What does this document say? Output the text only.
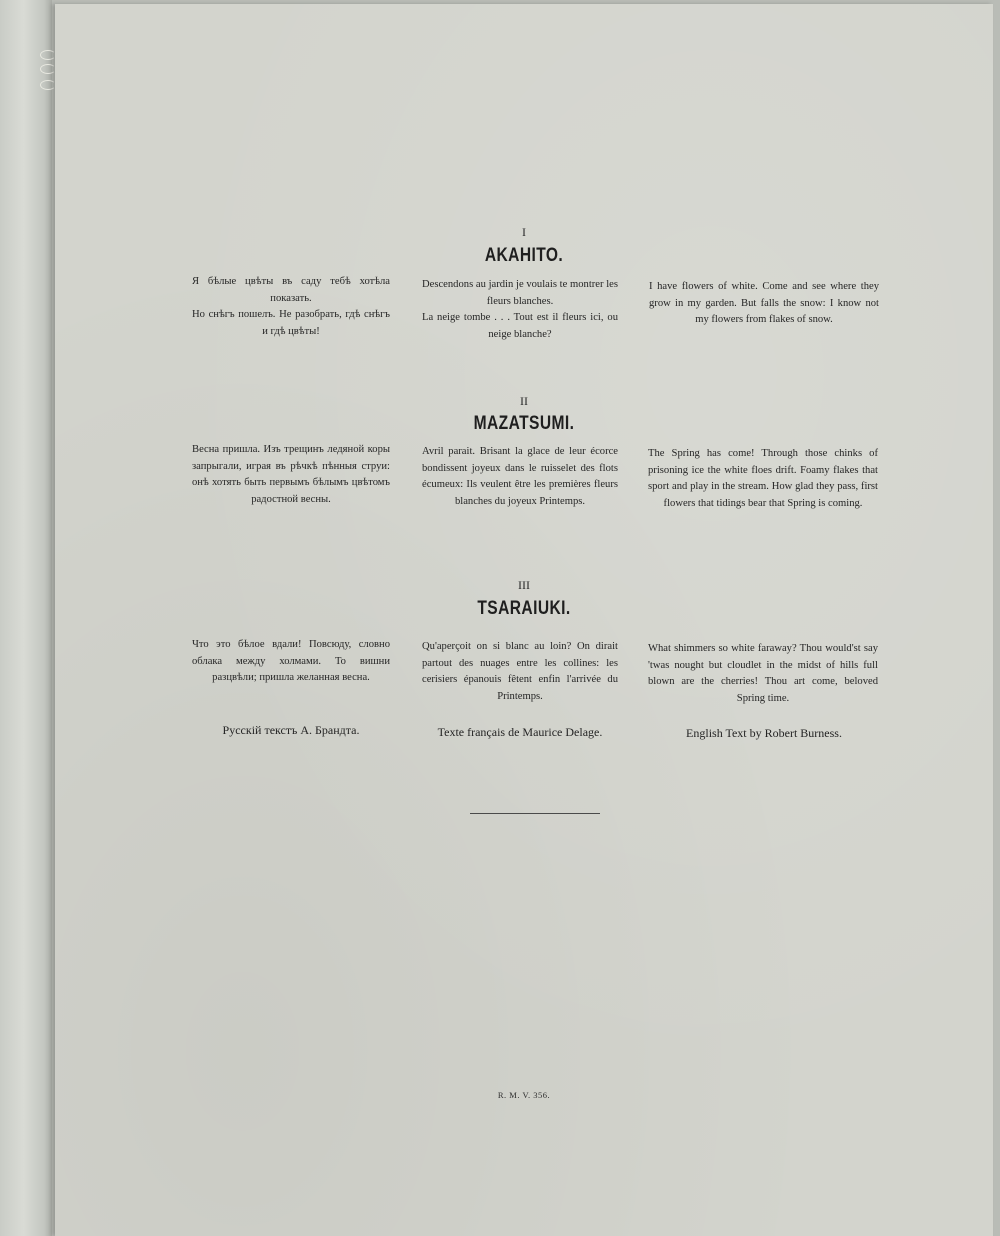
I
AKAHITO.

Я бѣлые цвѣты въ саду тебѣ хотѣла показать.

Но снѣгъ пошелъ. Не разобрать, гдѣ снѣгъ и гдѣ цвѣты!

Descendons au jardin je voulais te montrer les fleurs blanches.

La neige tombe . . . Tout est il fleurs ici, ou neige blanche?

I have flowers of white. Come and see where they grow in my garden. But falls the snow: I know not my flowers from flakes of snow.

II
MAZATSUMI.

Весна пришла. Изъ трещинъ ледяной коры запрыгали, играя въ рѣчкѣ пѣнныя струи: онѣ хотять быть первымъ бѣлымъ цвѣтомъ радостной весны.

Avril parait. Brisant la glace de leur écorce bondissent joyeux dans le ruisselet des flots écumeux: Ils veulent être les premières fleurs blanches du joyeux Printemps.

The Spring has come! Through those chinks of prisoning ice the white floes drift. Foamy flakes that sport and play in the stream. How glad they pass, first flowers that tidings bear that Spring is coming.

III
TSARAIUKI.

Что это бѣлое вдали! Повсюду, словно облака между холмами. То вишни разцвѣли; пришла желанная весна.

Qu'aperçoit on si blanc au loin? On dirait partout des nuages entre les collines: les cerisiers épanouis fêtent enfin l'arrivée du Printemps.

What shimmers so white faraway? Thou would'st say 'twas nought but cloudlet in the midst of hills full blown are the cherries! Thou art come, beloved Spring time.

Русскій текстъ А. Брандта.	Texte français de Maurice Delage.	English Text by Robert Burness.
R. M. V. 356.
